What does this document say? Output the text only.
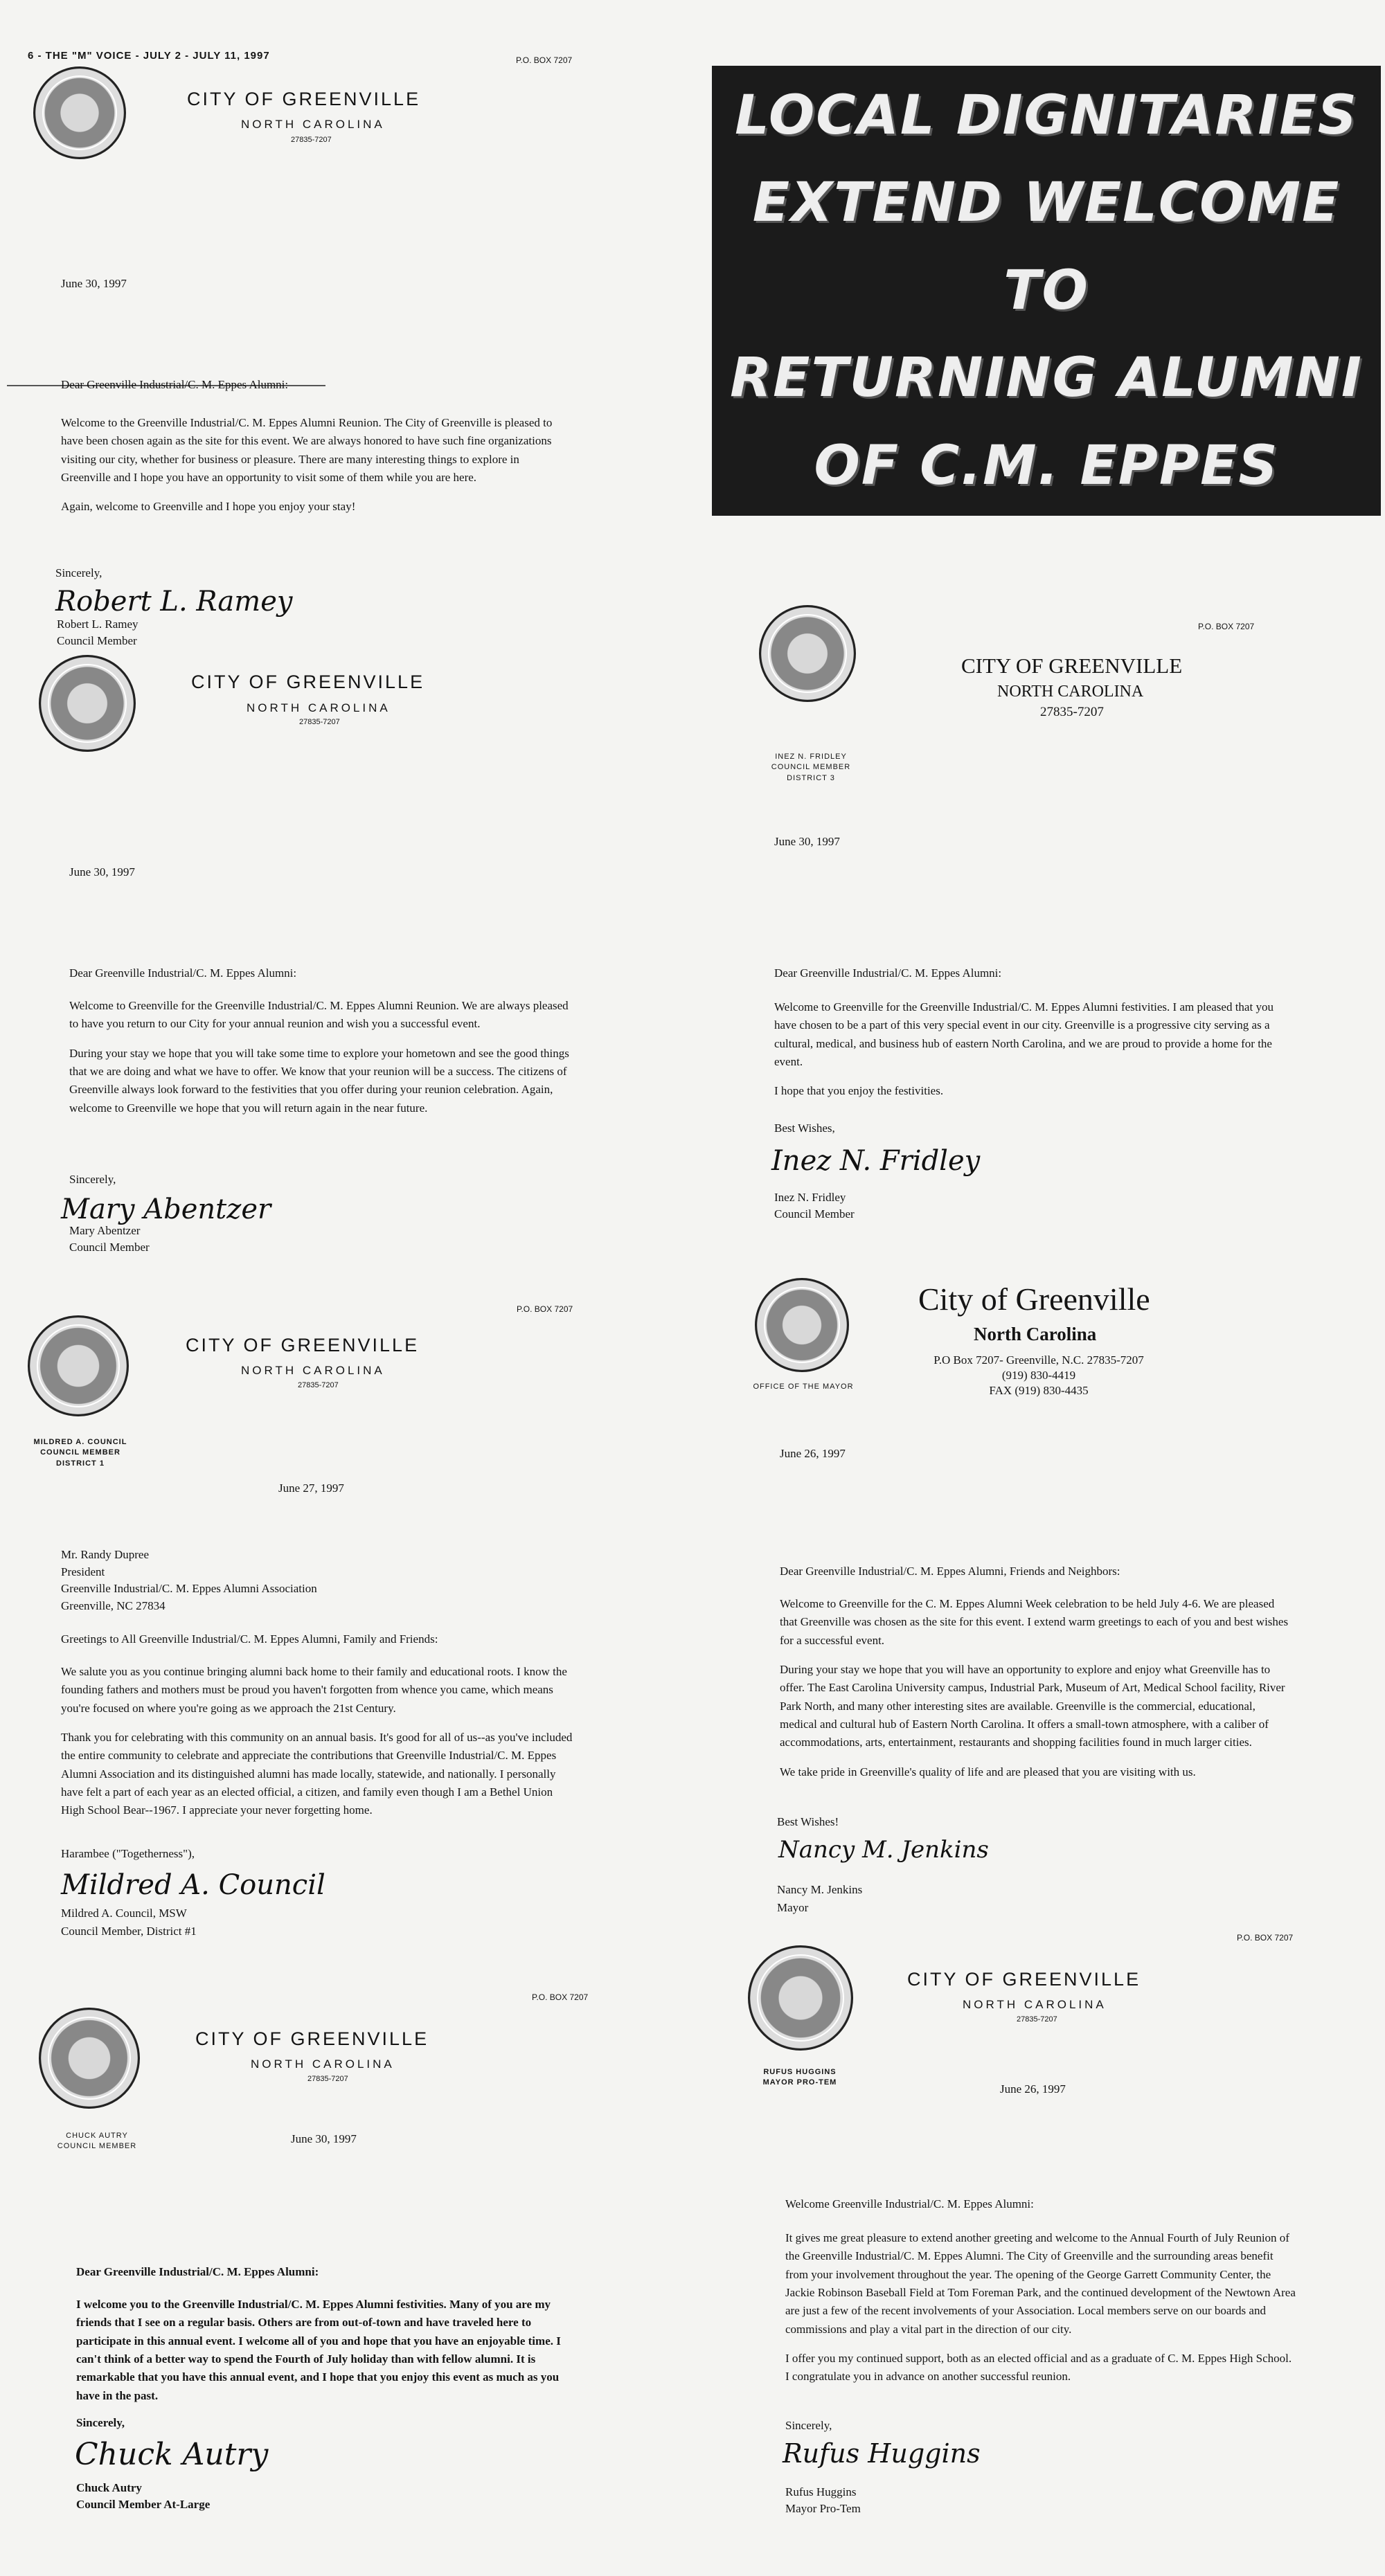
6 - THE "M" VOICE - JULY 2 - JULY 11, 1997	P.O. BOX 7207
LOCAL DIGNITARIES
EXTEND WELCOME TO
RETURNING ALUMNI
OF C.M. EPPES
CITY OF GREENVILLE
NORTH CAROLINA
27835-7207
June 30, 1997
Dear Greenville Industrial/C. M. Eppes Alumni:

Welcome to the Greenville Industrial/C. M. Eppes Alumni Reunion. The City of Greenville is pleased to have been chosen again as the site for this event. We are always honored to have such fine organizations visiting our city, whether for business or pleasure. There are many interesting things to explore in Greenville and I hope you have an opportunity to visit some of them while you are here.

Again, welcome to Greenville and I hope you enjoy your stay!

Sincerely,
Robert L. Ramey
Robert L. Ramey
Council Member
CITY OF GREENVILLE
NORTH CAROLINA
27835-7207
June 30, 1997
Dear Greenville Industrial/C. M. Eppes Alumni:

Welcome to Greenville for the Greenville Industrial/C. M. Eppes Alumni Reunion. We are always pleased to have you return to our City for your annual reunion and wish you a successful event.

During your stay we hope that you will take some time to explore your hometown and see the good things that we are doing and what we have to offer. We know that your reunion will be a success. The citizens of Greenville always look forward to the festivities that you offer during your reunion celebration. Again, welcome to Greenville we hope that you will return again in the near future.

Sincerely,
Mary Abentzer
Mary Abentzer
Council Member
P.O. BOX 7207
CITY OF GREENVILLE
NORTH CAROLINA
27835-7207
INEZ N. FRIDLEY
COUNCIL MEMBER
DISTRICT 3
June 30, 1997
Dear Greenville Industrial/C. M. Eppes Alumni:

Welcome to Greenville for the Greenville Industrial/C. M. Eppes Alumni festivities. I am pleased that you have chosen to be a part of this very special event in our city. Greenville is a progressive city serving as a cultural, medical, and business hub of eastern North Carolina, and we are proud to provide a home for the event.

I hope that you enjoy the festivities.

Best Wishes,
Inez N. Fridley
Inez N. Fridley
Council Member
P.O. BOX 7207
CITY OF GREENVILLE
NORTH CAROLINA
27835-7207
MILDRED A. COUNCIL
COUNCIL MEMBER
DISTRICT 1
June 27, 1997
Mr. Randy Dupree
President
Greenville Industrial/C. M. Eppes Alumni Association
Greenville, NC 27834
Greetings to All Greenville Industrial/C. M. Eppes Alumni, Family and Friends:

We salute you as you continue bringing alumni back home to their family and educational roots. I know the founding fathers and mothers must be proud you haven't forgotten from whence you came, which means you're focused on where you're going as we approach the 21st Century.

Thank you for celebrating with this community on an annual basis. It's good for all of us--as you've included the entire community to celebrate and appreciate the contributions that Greenville Industrial/C. M. Eppes Alumni Association and its distinguished alumni has made locally, statewide, and nationally. I personally have felt a part of each year as an elected official, a citizen, and family even though I am a Bethel Union High School Bear--1967. I appreciate your never forgetting home.

Harambee ("Togetherness"),
Mildred A. Council
Mildred A. Council, MSW
Council Member, District #1
OFFICE OF THE MAYOR
City of Greenville
North Carolina
P.O Box 7207- Greenville, N.C. 27835-7207
(919) 830-4419
FAX (919) 830-4435
June 26, 1997
Dear Greenville Industrial/C. M. Eppes Alumni, Friends and Neighbors:

Welcome to Greenville for the C. M. Eppes Alumni Week celebration to be held July 4-6. We are pleased that Greenville was chosen as the site for this event. I extend warm greetings to each of you and best wishes for a successful event.

During your stay we hope that you will have an opportunity to explore and enjoy what Greenville has to offer. The East Carolina University campus, Industrial Park, Museum of Art, Medical School facility, River Park North, and many other interesting sites are available. Greenville is the commercial, educational, medical and cultural hub of Eastern North Carolina. It offers a small-town atmosphere, with a caliber of accommodations, arts, entertainment, restaurants and shopping facilities found in much larger cities.

We take pride in Greenville's quality of life and are pleased that you are visiting with us.

Best Wishes!
Nancy M. Jenkins
Nancy M. Jenkins
Mayor
P.O. BOX 7207
CITY OF GREENVILLE
NORTH CAROLINA
27835-7207
CHUCK AUTRY
COUNCIL MEMBER
June 30, 1997
Dear Greenville Industrial/C. M. Eppes Alumni:

I welcome you to the Greenville Industrial/C. M. Eppes Alumni festivities. Many of you are my friends that I see on a regular basis. Others are from out-of-town and have traveled here to participate in this annual event. I welcome all of you and hope that you have an enjoyable time. I can't think of a better way to spend the Fourth of July holiday than with fellow alumni. It is remarkable that you have this annual event, and I hope that you enjoy this event as much as you have in the past.

Sincerely,
Chuck Autry
Chuck Autry
Council Member At-Large
P.O. BOX 7207
CITY OF GREENVILLE
NORTH CAROLINA
27835-7207
RUFUS HUGGINS
MAYOR PRO-TEM	June 26, 1997
Welcome Greenville Industrial/C. M. Eppes Alumni:

It gives me great pleasure to extend another greeting and welcome to the Annual Fourth of July Reunion of the Greenville Industrial/C. M. Eppes Alumni. The City of Greenville and the surrounding areas benefit from your involvement throughout the year. The opening of the George Garrett Community Center, the Jackie Robinson Baseball Field at Tom Foreman Park, and the continued development of the Newtown Area are just a few of the recent involvements of your Association. Local members serve on our boards and commissions and play a vital part in the direction of our city.

I offer you my continued support, both as an elected official and as a graduate of C. M. Eppes High School. I congratulate you in advance on another successful reunion.

Sincerely,
Rufus Huggins
Rufus Huggins
Mayor Pro-Tem
